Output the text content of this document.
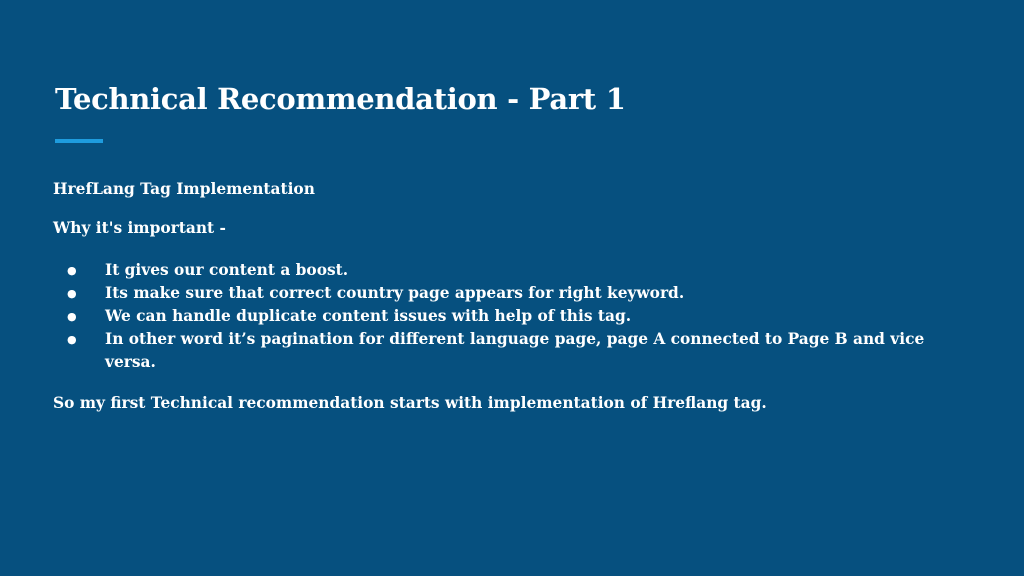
Technical Recommendation - Part 1

HrefLang Tag Implementation

Why it's important -

● It gives our content a boost.
● Its make sure that correct country page appears for right keyword.
● We can handle duplicate content issues with help of this tag.
● In other word it’s pagination for different language page, page A connected to Page B and vice versa.

So my first Technical recommendation starts with implementation of Hreflang tag.
